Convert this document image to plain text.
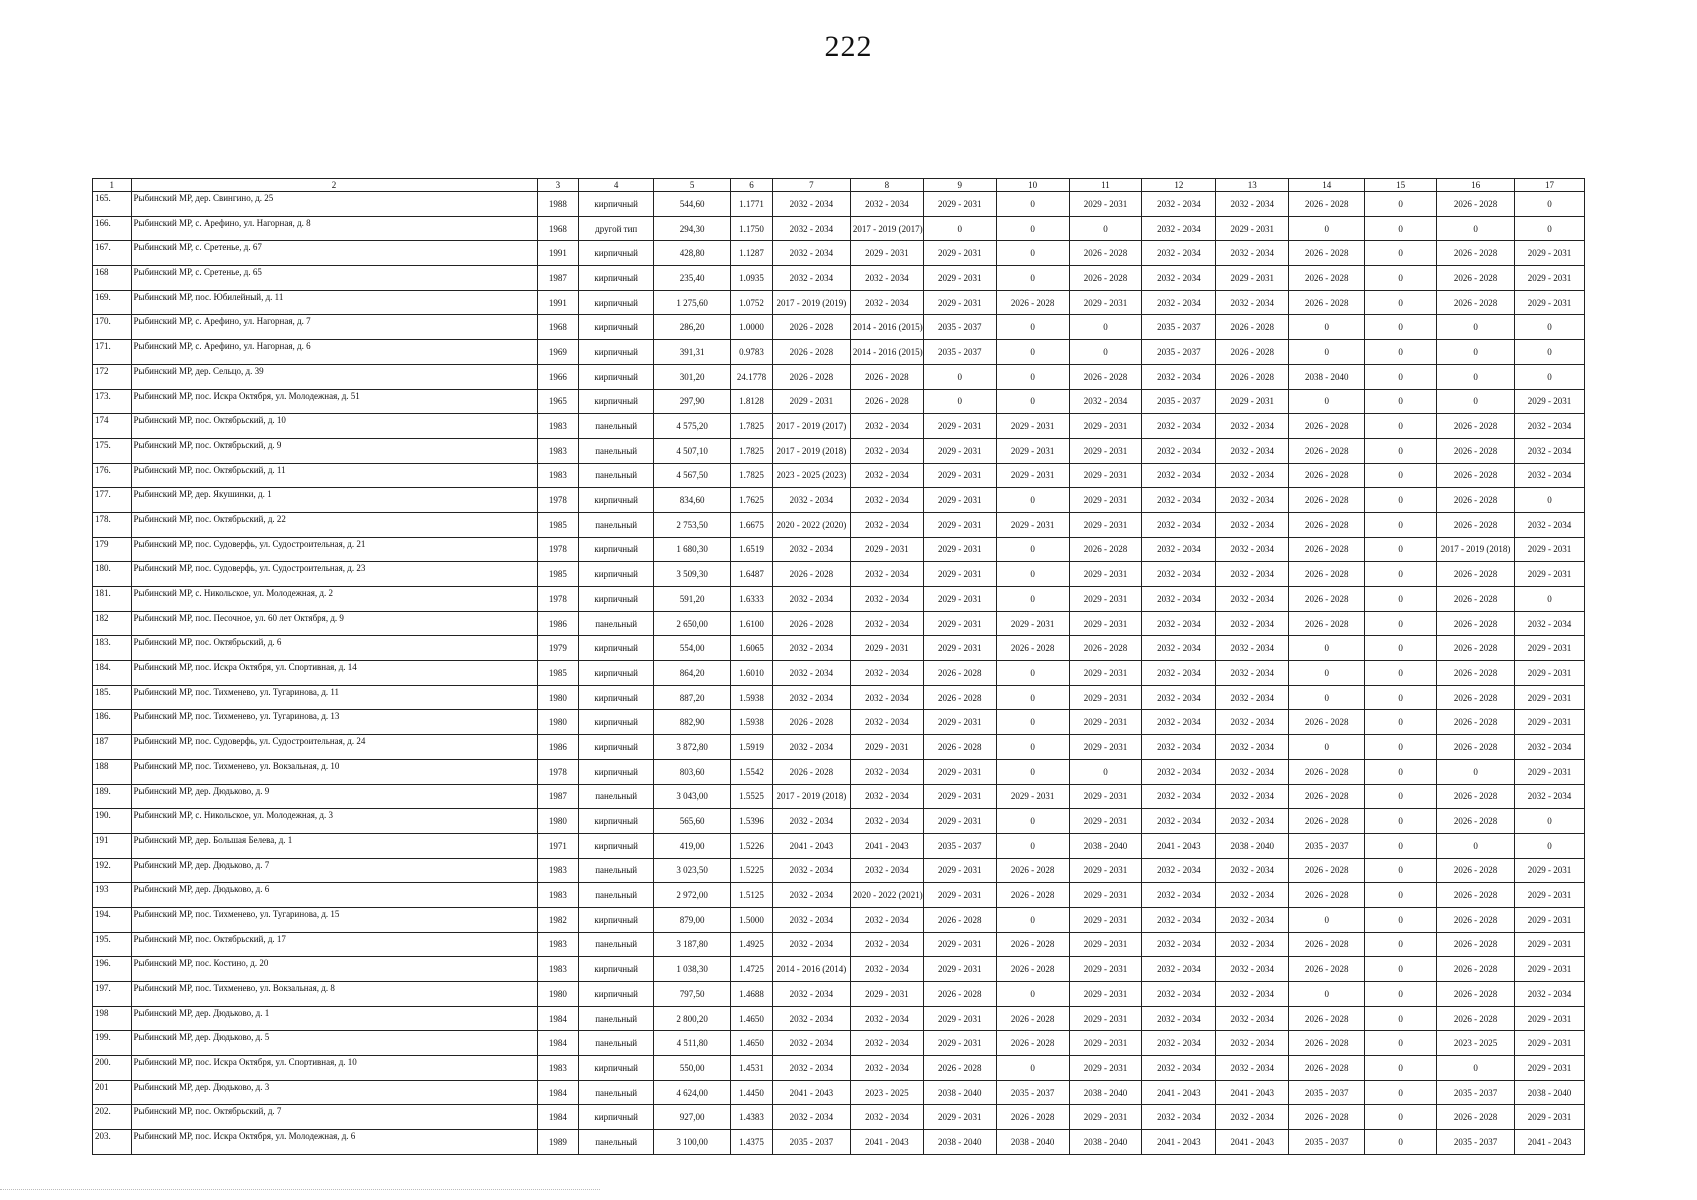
222
1	2	3	4	5	6	7	8	9	10	11	12	13	14	15	16	17
165.	Рыбинский МР, дер. Свингино, д. 25	1988	кирпичный	544,60	1.1771	2032 - 2034	2032 - 2034	2029 - 2031	0	2029 - 2031	2032 - 2034	2032 - 2034	2026 - 2028	0	2026 - 2028	0
166.	Рыбинский МР, с. Арефино, ул. Нагорная, д. 8	1968	другой тип	294,30	1.1750	2032 - 2034	2017 - 2019 (2017)	0	0	0	2032 - 2034	2029 - 2031	0	0	0	0
167.	Рыбинский МР, с. Сретенье, д. 67	1991	кирпичный	428,80	1.1287	2032 - 2034	2029 - 2031	2029 - 2031	0	2026 - 2028	2032 - 2034	2032 - 2034	2026 - 2028	0	2026 - 2028	2029 - 2031
168	Рыбинский МР, с. Сретенье, д. 65	1987	кирпичный	235,40	1.0935	2032 - 2034	2032 - 2034	2029 - 2031	0	2026 - 2028	2032 - 2034	2029 - 2031	2026 - 2028	0	2026 - 2028	2029 - 2031
169.	Рыбинский МР, пос. Юбилейный, д. 11	1991	кирпичный	1 275,60	1.0752	2017 - 2019 (2019)	2032 - 2034	2029 - 2031	2026 - 2028	2029 - 2031	2032 - 2034	2032 - 2034	2026 - 2028	0	2026 - 2028	2029 - 2031
170.	Рыбинский МР, с. Арефино, ул. Нагорная, д. 7	1968	кирпичный	286,20	1.0000	2026 - 2028	2014 - 2016 (2015)	2035 - 2037	0	0	2035 - 2037	2026 - 2028	0	0	0	0
171.	Рыбинский МР, с. Арефино, ул. Нагорная, д. 6	1969	кирпичный	391,31	0.9783	2026 - 2028	2014 - 2016 (2015)	2035 - 2037	0	0	2035 - 2037	2026 - 2028	0	0	0	0
172	Рыбинский МР, дер. Сельцо, д. 39	1966	кирпичный	301,20	24.1778	2026 - 2028	2026 - 2028	0	0	2026 - 2028	2032 - 2034	2026 - 2028	2038 - 2040	0	0	0
173.	Рыбинский МР, пос. Искра Октября, ул. Молодежная, д. 51	1965	кирпичный	297,90	1.8128	2029 - 2031	2026 - 2028	0	0	2032 - 2034	2035 - 2037	2029 - 2031	0	0	0	2029 - 2031
174	Рыбинский МР, пос. Октябрьский, д. 10	1983	панельный	4 575,20	1.7825	2017 - 2019 (2017)	2032 - 2034	2029 - 2031	2029 - 2031	2029 - 2031	2032 - 2034	2032 - 2034	2026 - 2028	0	2026 - 2028	2032 - 2034
175.	Рыбинский МР, пос. Октябрьский, д. 9	1983	панельный	4 507,10	1.7825	2017 - 2019 (2018)	2032 - 2034	2029 - 2031	2029 - 2031	2029 - 2031	2032 - 2034	2032 - 2034	2026 - 2028	0	2026 - 2028	2032 - 2034
176.	Рыбинский МР, пос. Октябрьский, д. 11	1983	панельный	4 567,50	1.7825	2023 - 2025 (2023)	2032 - 2034	2029 - 2031	2029 - 2031	2029 - 2031	2032 - 2034	2032 - 2034	2026 - 2028	0	2026 - 2028	2032 - 2034
177.	Рыбинский МР, дер. Якушинки, д. 1	1978	кирпичный	834,60	1.7625	2032 - 2034	2032 - 2034	2029 - 2031	0	2029 - 2031	2032 - 2034	2032 - 2034	2026 - 2028	0	2026 - 2028	0
178.	Рыбинский МР, пос. Октябрьский, д. 22	1985	панельный	2 753,50	1.6675	2020 - 2022 (2020)	2032 - 2034	2029 - 2031	2029 - 2031	2029 - 2031	2032 - 2034	2032 - 2034	2026 - 2028	0	2026 - 2028	2032 - 2034
179	Рыбинский МР, пос. Судоверфь, ул. Судостроительная, д. 21	1978	кирпичный	1 680,30	1.6519	2032 - 2034	2029 - 2031	2029 - 2031	0	2026 - 2028	2032 - 2034	2032 - 2034	2026 - 2028	0	2017 - 2019 (2018)	2029 - 2031
180.	Рыбинский МР, пос. Судоверфь, ул. Судостроительная, д. 23	1985	кирпичный	3 509,30	1.6487	2026 - 2028	2032 - 2034	2029 - 2031	0	2029 - 2031	2032 - 2034	2032 - 2034	2026 - 2028	0	2026 - 2028	2029 - 2031
181.	Рыбинский МР, с. Никольское, ул. Молодежная, д. 2	1978	кирпичный	591,20	1.6333	2032 - 2034	2032 - 2034	2029 - 2031	0	2029 - 2031	2032 - 2034	2032 - 2034	2026 - 2028	0	2026 - 2028	0
182	Рыбинский МР, пос. Песочное, ул. 60 лет Октября, д. 9	1986	панельный	2 650,00	1.6100	2026 - 2028	2032 - 2034	2029 - 2031	2029 - 2031	2029 - 2031	2032 - 2034	2032 - 2034	2026 - 2028	0	2026 - 2028	2032 - 2034
183.	Рыбинский МР, пос. Октябрьский, д. 6	1979	кирпичный	554,00	1.6065	2032 - 2034	2029 - 2031	2029 - 2031	2026 - 2028	2026 - 2028	2032 - 2034	2032 - 2034	0	0	2026 - 2028	2029 - 2031
184.	Рыбинский МР, пос. Искра Октября, ул. Спортивная, д. 14	1985	кирпичный	864,20	1.6010	2032 - 2034	2032 - 2034	2026 - 2028	0	2029 - 2031	2032 - 2034	2032 - 2034	0	0	2026 - 2028	2029 - 2031
185.	Рыбинский МР, пос. Тихменево, ул. Тугаринова, д. 11	1980	кирпичный	887,20	1.5938	2032 - 2034	2032 - 2034	2026 - 2028	0	2029 - 2031	2032 - 2034	2032 - 2034	0	0	2026 - 2028	2029 - 2031
186.	Рыбинский МР, пос. Тихменево, ул. Тугаринова, д. 13	1980	кирпичный	882,90	1.5938	2026 - 2028	2032 - 2034	2029 - 2031	0	2029 - 2031	2032 - 2034	2032 - 2034	2026 - 2028	0	2026 - 2028	2029 - 2031
187	Рыбинский МР, пос. Судоверфь, ул. Судостроительная, д. 24	1986	кирпичный	3 872,80	1.5919	2032 - 2034	2029 - 2031	2026 - 2028	0	2029 - 2031	2032 - 2034	2032 - 2034	0	0	2026 - 2028	2032 - 2034
188	Рыбинский МР, пос. Тихменево, ул. Вокзальная, д. 10	1978	кирпичный	803,60	1.5542	2026 - 2028	2032 - 2034	2029 - 2031	0	0	2032 - 2034	2032 - 2034	2026 - 2028	0	0	2029 - 2031
189.	Рыбинский МР, дер. Дюдьково, д. 9	1987	панельный	3 043,00	1.5525	2017 - 2019 (2018)	2032 - 2034	2029 - 2031	2029 - 2031	2029 - 2031	2032 - 2034	2032 - 2034	2026 - 2028	0	2026 - 2028	2032 - 2034
190.	Рыбинский МР, с. Никольское, ул. Молодежная, д. 3	1980	кирпичный	565,60	1.5396	2032 - 2034	2032 - 2034	2029 - 2031	0	2029 - 2031	2032 - 2034	2032 - 2034	2026 - 2028	0	2026 - 2028	0
191	Рыбинский МР, дер. Большая Белева, д. 1	1971	кирпичный	419,00	1.5226	2041 - 2043	2041 - 2043	2035 - 2037	0	2038 - 2040	2041 - 2043	2038 - 2040	2035 - 2037	0	0	0
192.	Рыбинский МР, дер. Дюдьково, д. 7	1983	панельный	3 023,50	1.5225	2032 - 2034	2032 - 2034	2029 - 2031	2026 - 2028	2029 - 2031	2032 - 2034	2032 - 2034	2026 - 2028	0	2026 - 2028	2029 - 2031
193	Рыбинский МР, дер. Дюдьково, д. 6	1983	панельный	2 972,00	1.5125	2032 - 2034	2020 - 2022 (2021)	2029 - 2031	2026 - 2028	2029 - 2031	2032 - 2034	2032 - 2034	2026 - 2028	0	2026 - 2028	2029 - 2031
194.	Рыбинский МР, пос. Тихменево, ул. Тугаринова, д. 15	1982	кирпичный	879,00	1.5000	2032 - 2034	2032 - 2034	2026 - 2028	0	2029 - 2031	2032 - 2034	2032 - 2034	0	0	2026 - 2028	2029 - 2031
195.	Рыбинский МР, пос. Октябрьский, д. 17	1983	панельный	3 187,80	1.4925	2032 - 2034	2032 - 2034	2029 - 2031	2026 - 2028	2029 - 2031	2032 - 2034	2032 - 2034	2026 - 2028	0	2026 - 2028	2029 - 2031
196.	Рыбинский МР, пос. Костино, д. 20	1983	кирпичный	1 038,30	1.4725	2014 - 2016 (2014)	2032 - 2034	2029 - 2031	2026 - 2028	2029 - 2031	2032 - 2034	2032 - 2034	2026 - 2028	0	2026 - 2028	2029 - 2031
197.	Рыбинский МР, пос. Тихменево, ул. Вокзальная, д. 8	1980	кирпичный	797,50	1.4688	2032 - 2034	2029 - 2031	2026 - 2028	0	2029 - 2031	2032 - 2034	2032 - 2034	0	0	2026 - 2028	2032 - 2034
198	Рыбинский МР, дер. Дюдьково, д. 1	1984	панельный	2 800,20	1.4650	2032 - 2034	2032 - 2034	2029 - 2031	2026 - 2028	2029 - 2031	2032 - 2034	2032 - 2034	2026 - 2028	0	2026 - 2028	2029 - 2031
199.	Рыбинский МР, дер. Дюдьково, д. 5	1984	панельный	4 511,80	1.4650	2032 - 2034	2032 - 2034	2029 - 2031	2026 - 2028	2029 - 2031	2032 - 2034	2032 - 2034	2026 - 2028	0	2023 - 2025	2029 - 2031
200.	Рыбинский МР, пос. Искра Октября, ул. Спортивная, д. 10	1983	кирпичный	550,00	1.4531	2032 - 2034	2032 - 2034	2026 - 2028	0	2029 - 2031	2032 - 2034	2032 - 2034	2026 - 2028	0	0	2029 - 2031
201	Рыбинский МР, дер. Дюдьково, д. 3	1984	панельный	4 624,00	1.4450	2041 - 2043	2023 - 2025	2038 - 2040	2035 - 2037	2038 - 2040	2041 - 2043	2041 - 2043	2035 - 2037	0	2035 - 2037	2038 - 2040
202.	Рыбинский МР, пос. Октябрьский, д. 7	1984	кирпичный	927,00	1.4383	2032 - 2034	2032 - 2034	2029 - 2031	2026 - 2028	2029 - 2031	2032 - 2034	2032 - 2034	2026 - 2028	0	2026 - 2028	2029 - 2031
203.	Рыбинский МР, пос. Искра Октября, ул. Молодежная, д. 6	1989	панельный	3 100,00	1.4375	2035 - 2037	2041 - 2043	2038 - 2040	2038 - 2040	2038 - 2040	2041 - 2043	2041 - 2043	2035 - 2037	0	2035 - 2037	2041 - 2043
